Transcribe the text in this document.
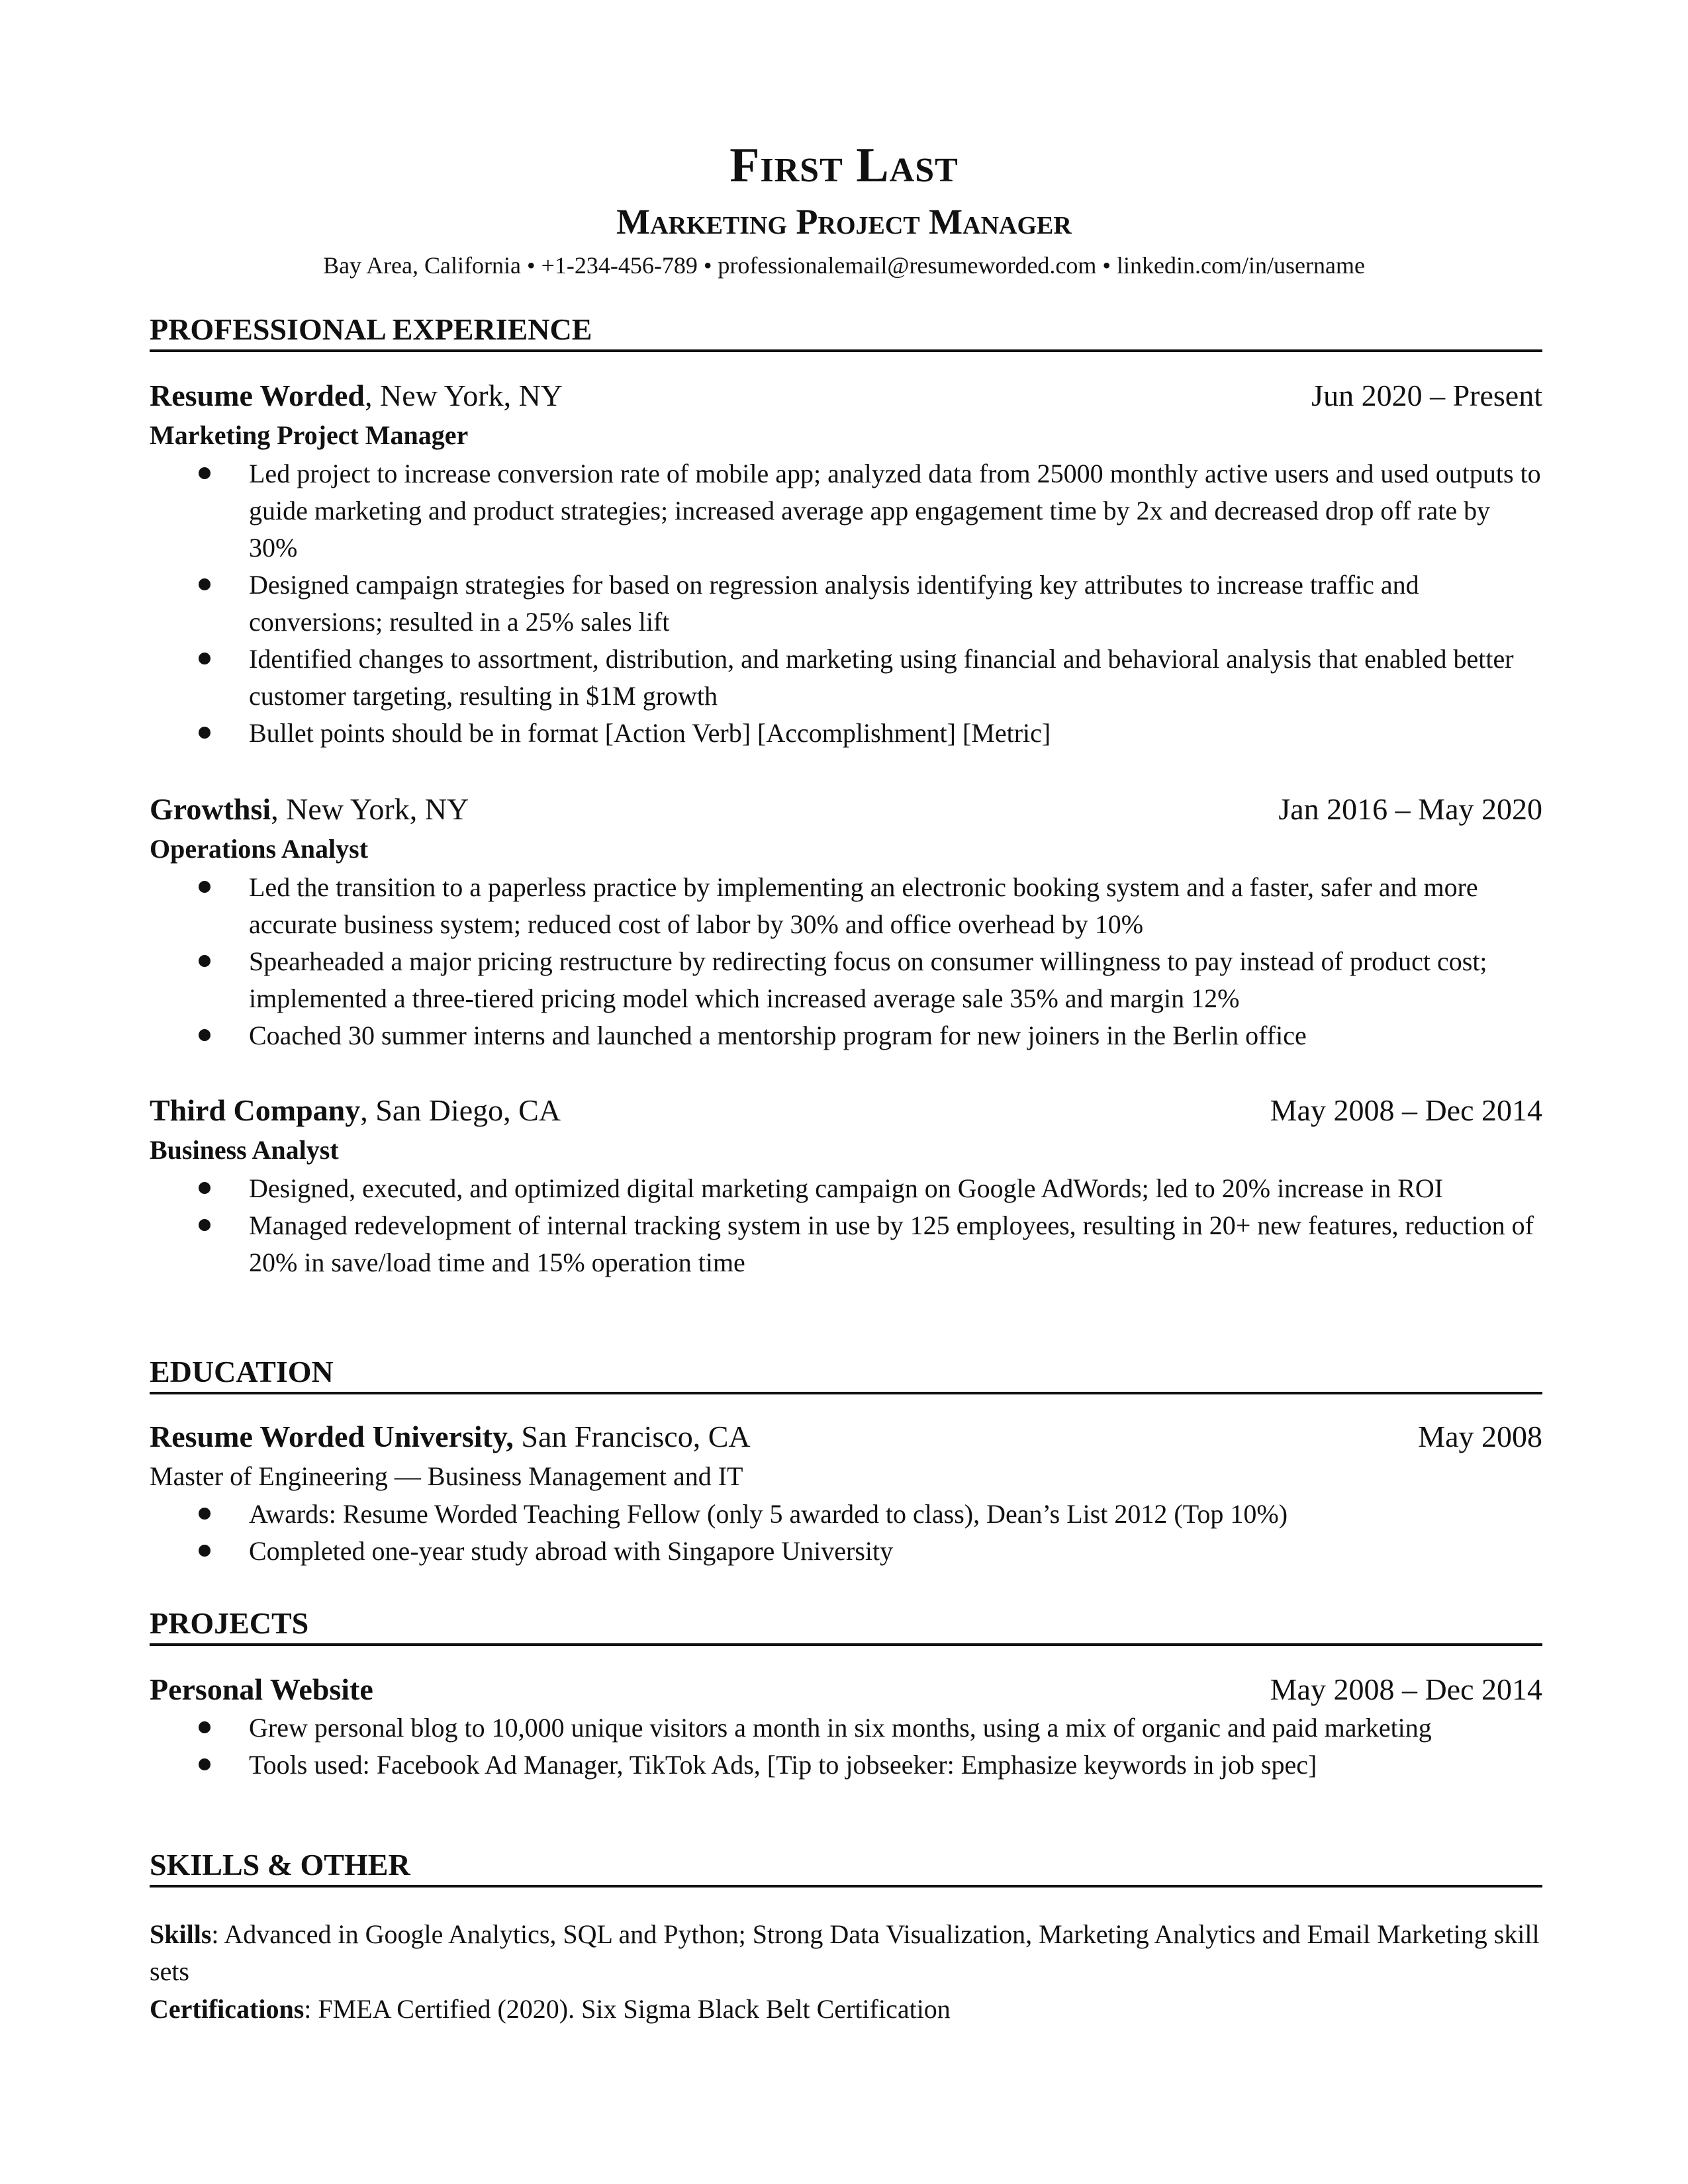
First Last
Marketing Project Manager
Bay Area, California • +1-234-456-789 • professionalemail@resumeworded.com • linkedin.com/in/username
PROFESSIONAL EXPERIENCE
Resume Worded, New York, NY	Jun 2020 – Present
Marketing Project Manager
Led project to increase conversion rate of mobile app; analyzed data from 25000 monthly active users and used outputs to guide marketing and product strategies; increased average app engagement time by 2x and decreased drop off rate by 30%
Designed campaign strategies for based on regression analysis identifying key attributes to increase traffic and conversions; resulted in a 25% sales lift
Identified changes to assortment, distribution, and marketing using financial and behavioral analysis that enabled better customer targeting, resulting in $1M growth
Bullet points should be in format [Action Verb] [Accomplishment] [Metric]
Growthsi, New York, NY	Jan 2016 – May 2020
Operations Analyst
Led the transition to a paperless practice by implementing an electronic booking system and a faster, safer and more accurate business system; reduced cost of labor by 30% and office overhead by 10%
Spearheaded a major pricing restructure by redirecting focus on consumer willingness to pay instead of product cost; implemented a three-tiered pricing model which increased average sale 35% and margin 12%
Coached 30 summer interns and launched a mentorship program for new joiners in the Berlin office
Third Company, San Diego, CA	May 2008 – Dec 2014
Business Analyst
Designed, executed, and optimized digital marketing campaign on Google AdWords; led to 20% increase in ROI
Managed redevelopment of internal tracking system in use by 125 employees, resulting in 20+ new features, reduction of 20% in save/load time and 15% operation time
EDUCATION
Resume Worded University, San Francisco, CA	May 2008
Master of Engineering — Business Management and IT
Awards: Resume Worded Teaching Fellow (only 5 awarded to class), Dean’s List 2012 (Top 10%)
Completed one-year study abroad with Singapore University
PROJECTS
Personal Website	May 2008 – Dec 2014
Grew personal blog to 10,000 unique visitors a month in six months, using a mix of organic and paid marketing
Tools used: Facebook Ad Manager, TikTok Ads, [Tip to jobseeker: Emphasize keywords in job spec]
SKILLS & OTHER
Skills: Advanced in Google Analytics, SQL and Python; Strong Data Visualization, Marketing Analytics and Email Marketing skill sets
Certifications: FMEA Certified (2020). Six Sigma Black Belt Certification
